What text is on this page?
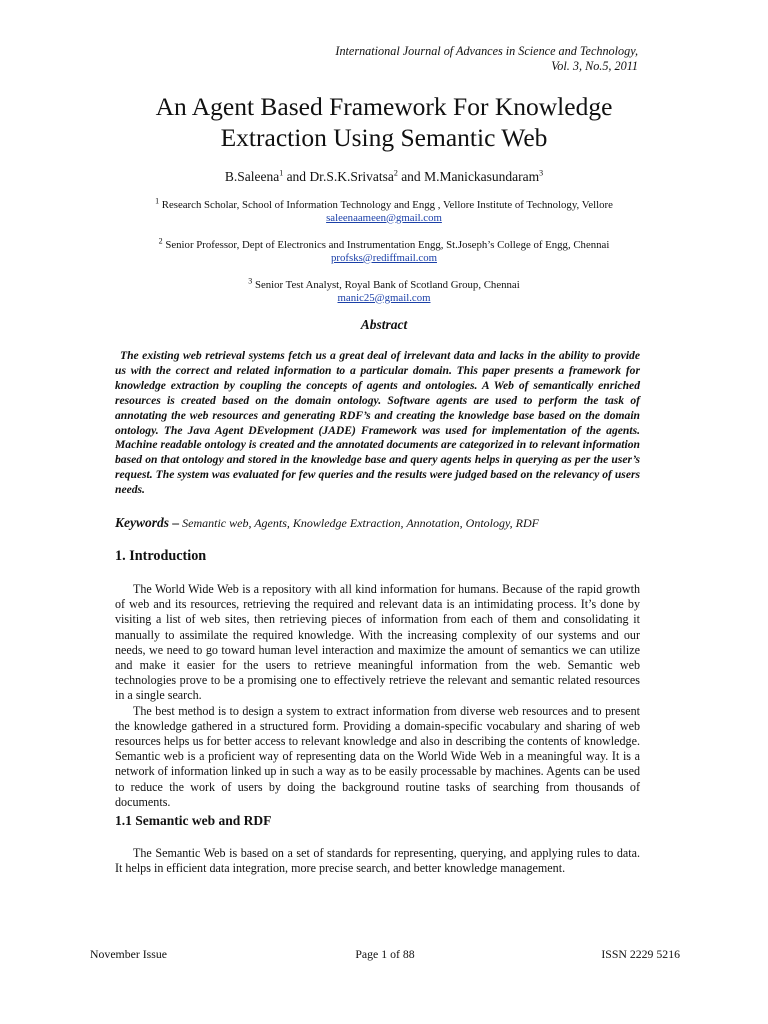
International Journal of Advances in Science and Technology,
Vol. 3, No.5, 2011
An Agent Based Framework For Knowledge
Extraction Using Semantic Web
B.Saleena$^1$ and Dr.S.K.Srivatsa$^2$ and M.Manickasundaram$^3$
$^1$ Research Scholar, School of Information Technology and Engg , Vellore Institute of Technology, Vellore
saleenaameen@gmail.com
$^2$ Senior Professor, Dept of Electronics and Instrumentation Engg, St.Joseph’s College of Engg, Chennai
profsks@rediffmail.com
$^3$ Senior Test Analyst, Royal Bank of Scotland Group, Chennai
manic25@gmail.com
Abstract

The existing web retrieval systems fetch us a great deal of irrelevant data and lacks in the ability to provide us with the correct and related information to a particular domain. This paper presents a framework for knowledge extraction by coupling the concepts of agents and ontologies. A Web of semantically enriched resources is created based on the domain ontology. Software agents are used to perform the task of annotating the web resources and generating RDF’s and creating the knowledge base based on the domain ontology. The Java Agent DEvelopment (JADE) Framework was used for implementation of the agents. Machine readable ontology is created and the annotated documents are categorized in to relevant information based on that ontology and stored in the knowledge base and query agents helps in querying as per the user’s request. The system was evaluated for few queries and the results were judged based on the relevancy of users needs.

Keywords – Semantic web, Agents, Knowledge Extraction, Annotation, Ontology, RDF
1. Introduction

The World Wide Web is a repository with all kind information for humans. Because of the rapid growth of web and its resources, retrieving the required and relevant data is an intimidating process. It’s done by visiting a list of web sites, then retrieving pieces of information from each of them and consolidating it manually to assimilate the required knowledge. With the increasing complexity of our systems and our needs, we need to go toward human level interaction and maximize the amount of semantics we can utilize and make it easier for the users to retrieve meaningful information from the web. Semantic web technologies prove to be a promising one to effectively retrieve the relevant and semantic related resources in a single search.

The best method is to design a system to extract information from diverse web resources and to present the knowledge gathered in a structured form. Providing a domain-specific vocabulary and sharing of web resources helps us for better access to relevant knowledge and also in describing the contents of knowledge. Semantic web is a proficient way of representing data on the World Wide Web in a meaningful way. It is a network of information linked up in such a way as to be easily processable by machines. Agents can be used to reduce the work of users by doing the background routine tasks of searching from thousands of documents.

1.1 Semantic web and RDF

The Semantic Web is based on a set of standards for representing, querying, and applying rules to data. It helps in efficient data integration, more precise search, and better knowledge management.

November Issue	Page 1 of 88	ISSN 2229 5216
